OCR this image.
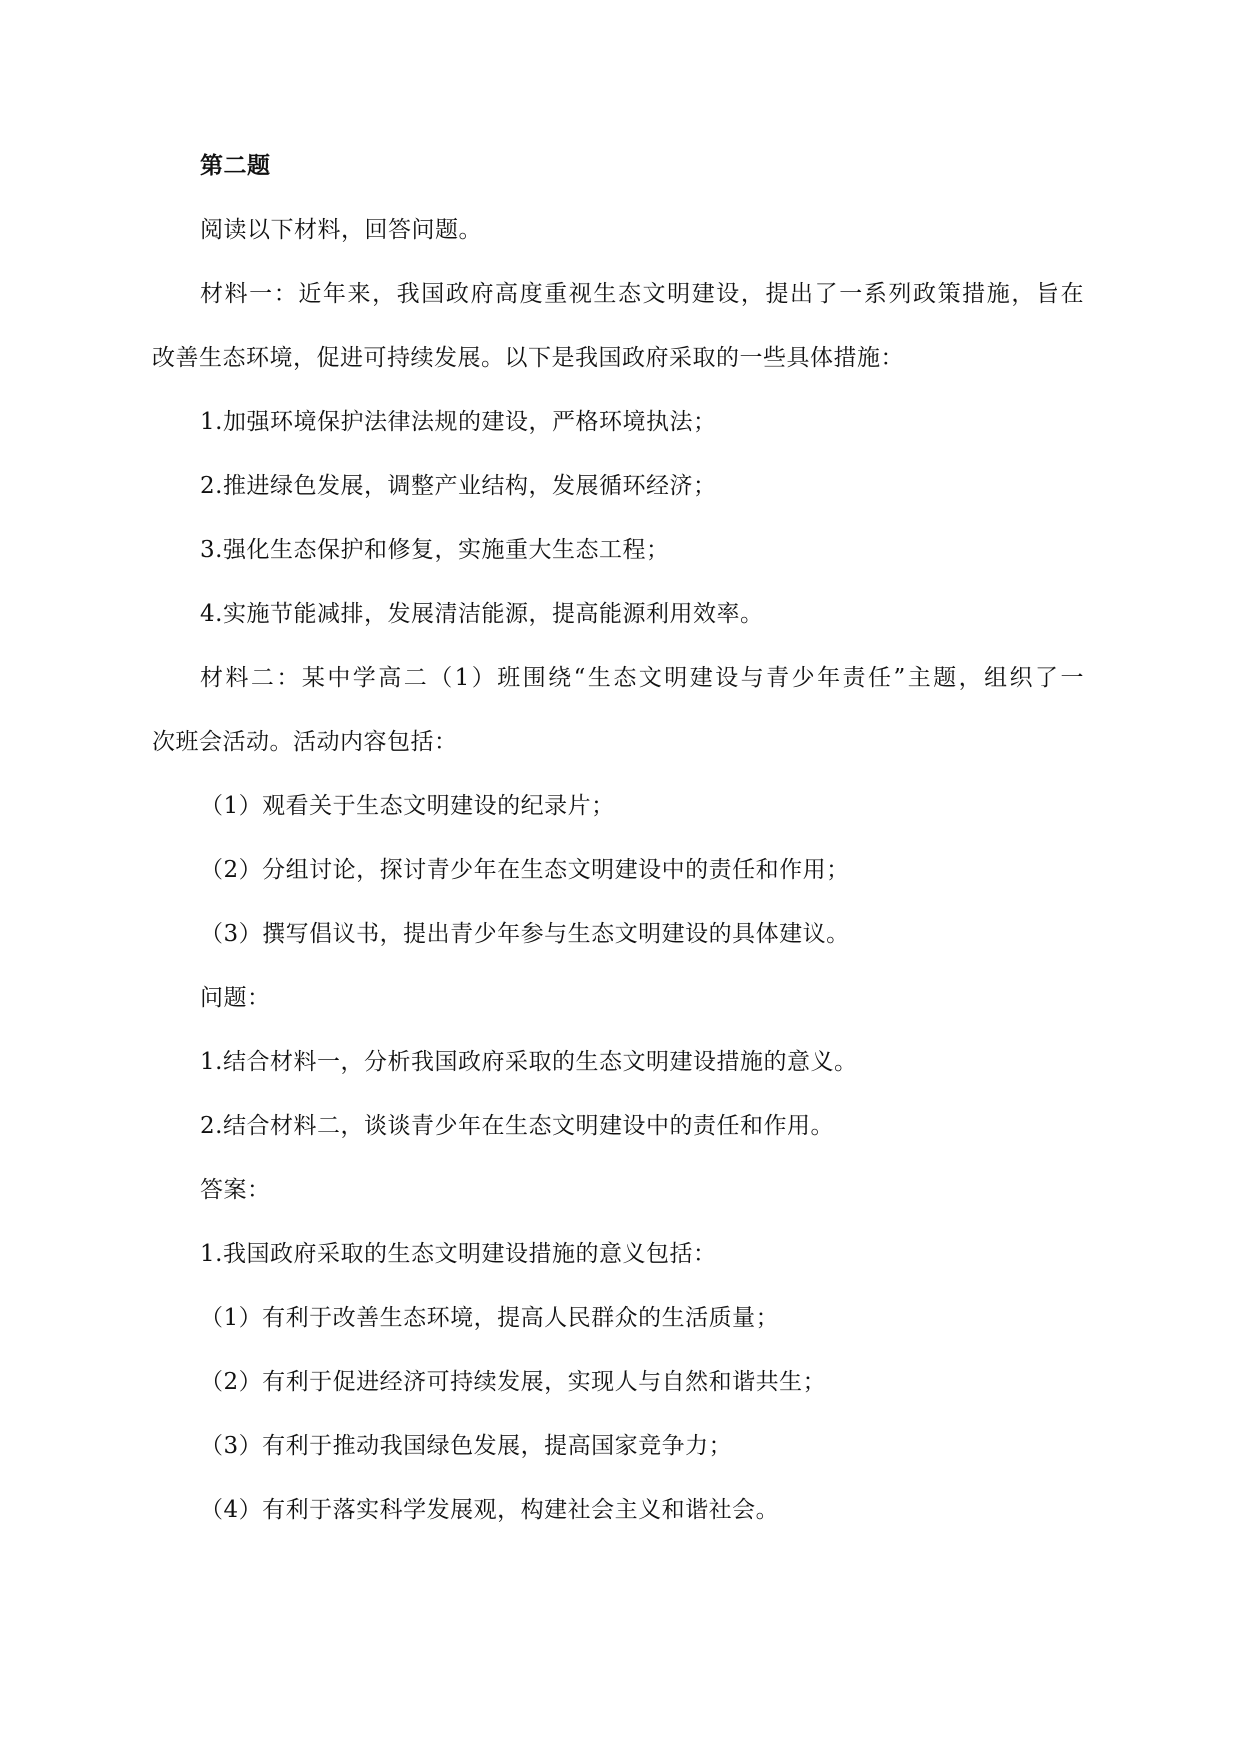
第二题
阅读以下材料，回答问题。
材料一：近年来，我国政府高度重视生态文明建设，提出了一系列政策措施，旨在
改善生态环境，促进可持续发展。以下是我国政府采取的一些具体措施：
1.加强环境保护法律法规的建设，严格环境执法；
2.推进绿色发展，调整产业结构，发展循环经济；
3.强化生态保护和修复，实施重大生态工程；
4.实施节能减排，发展清洁能源，提高能源利用效率。
材料二：某中学高二（1）班围绕“生态文明建设与青少年责任”主题，组织了一
次班会活动。活动内容包括：
（1）观看关于生态文明建设的纪录片；
（2）分组讨论，探讨青少年在生态文明建设中的责任和作用；
（3）撰写倡议书，提出青少年参与生态文明建设的具体建议。
问题：
1.结合材料一，分析我国政府采取的生态文明建设措施的意义。
2.结合材料二，谈谈青少年在生态文明建设中的责任和作用。
答案：
1.我国政府采取的生态文明建设措施的意义包括：
（1）有利于改善生态环境，提高人民群众的生活质量；
（2）有利于促进经济可持续发展，实现人与自然和谐共生；
（3）有利于推动我国绿色发展，提高国家竞争力；
（4）有利于落实科学发展观，构建社会主义和谐社会。
